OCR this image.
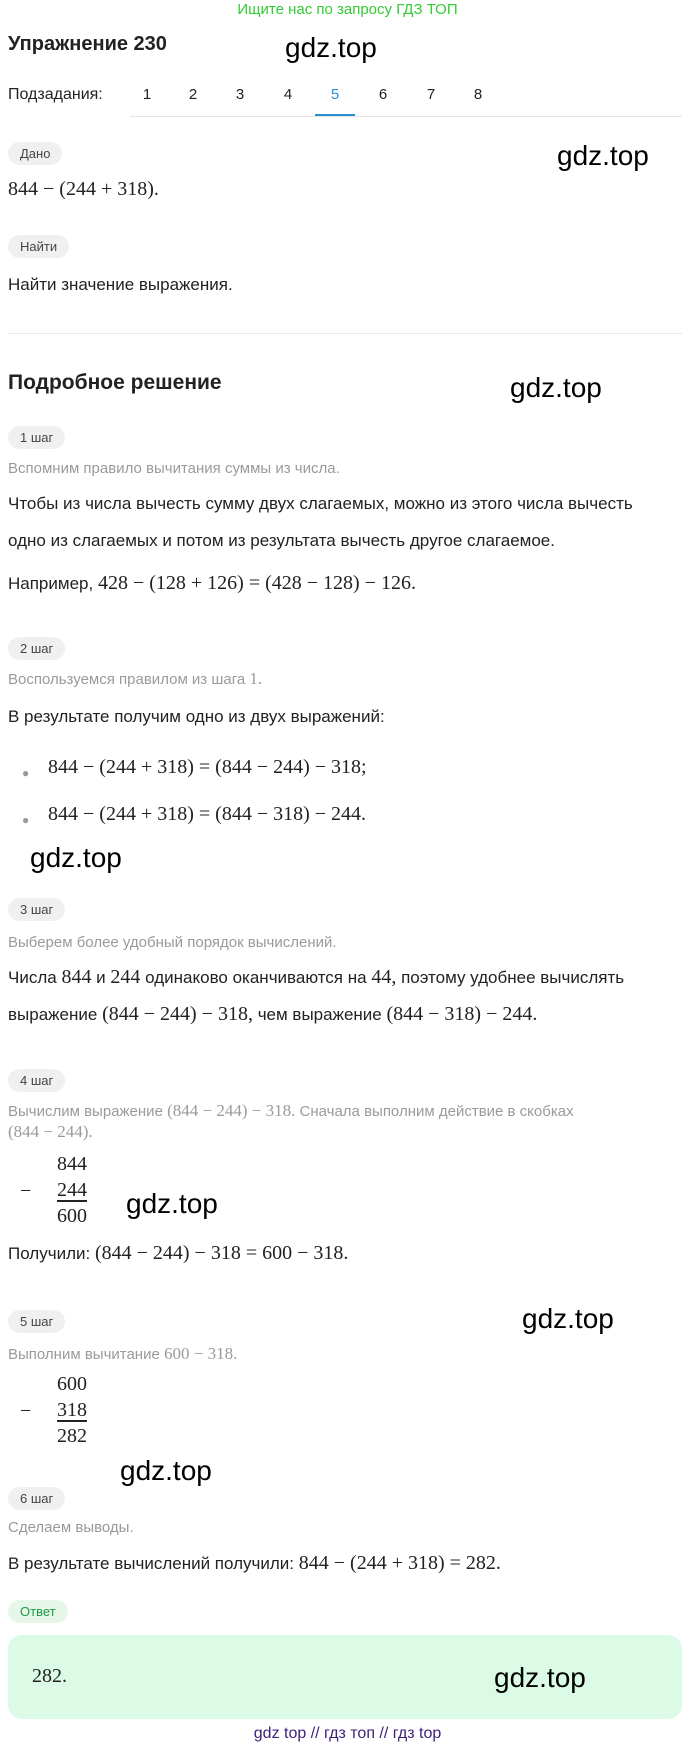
Ищите нас по запросу ГДЗ ТОП
Упражнение 230	gdz.top
Подзадания:	1	2	3	4	5	6	7	8
Дано	gdz.top
844 − (244 + 318).
Найти
Найти значение выражения.
Подробное решение	gdz.top
1 шаг
Вспомним правило вычитания суммы из числа.
Чтобы из числа вычесть сумму двух слагаемых, можно из этого числа вычесть
одно из слагаемых и потом из результата вычесть другое слагаемое.
Например, 428 − (128 + 126) = (428 − 128) − 126.
2 шаг
Воспользуемся правилом из шага 1.
В результате получим одно из двух выражений:
● 844 − (244 + 318) = (844 − 244) − 318;
● 844 − (244 + 318) = (844 − 318) − 244.
gdz.top
3 шаг
Выберем более удобный порядок вычислений.
Числа 844 и 244 одинаково оканчиваются на 44, поэтому удобнее вычислять
выражение (844 − 244) − 318, чем выражение (844 − 318) − 244.
4 шаг
Вычислим выражение (844 − 244) − 318. Сначала выполним действие в скобках
(844 − 244).
−
844
244
600 gdz.top
Получили: (844 − 244) − 318 = 600 − 318.
5 шаг
Выполним вычитание 600 − 318.
gdz.top
−
600
318
282
gdz.top
6 шаг
Сделаем выводы.
В результате вычислений получили: 844 − (244 + 318) = 282.
Ответ
282.	gdz.top
gdz top // гдз топ // гдз top
